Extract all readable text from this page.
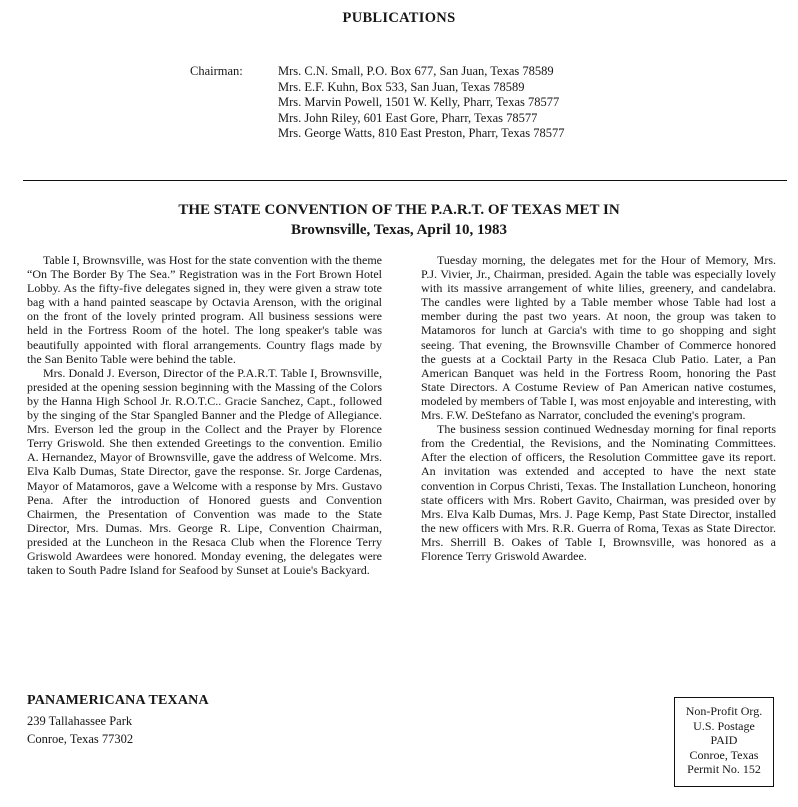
PUBLICATIONS
Chairman:	Mrs. C.N. Small, P.O. Box 677, San Juan, Texas 78589
Mrs. E.F. Kuhn, Box 533, San Juan, Texas 78589
Mrs. Marvin Powell, 1501 W. Kelly, Pharr, Texas 78577
Mrs. John Riley, 601 East Gore, Pharr, Texas 78577
Mrs. George Watts, 810 East Preston, Pharr, Texas 78577
THE STATE CONVENTION OF THE P.A.R.T. OF TEXAS MET IN
Brownsville, Texas, April 10, 1983

Table I, Brownsville, was Host for the state convention with the theme “On The Border By The Sea.” Registration was in the Fort Brown Hotel Lobby. As the fifty-five delegates signed in, they were given a straw tote bag with a hand painted seascape by Octavia Arenson, with the original on the front of the lovely printed program. All business sessions were held in the Fortress Room of the hotel. The long speaker's table was beautifully appointed with floral arrangements. Country flags made by the San Benito Table were behind the table.

Mrs. Donald J. Everson, Director of the P.A.R.T. Table I, Brownsville, presided at the opening session beginning with the Massing of the Colors by the Hanna High School Jr. R.O.T.C.. Gracie Sanchez, Capt., followed by the singing of the Star Spangled Banner and the Pledge of Allegiance. Mrs. Everson led the group in the Collect and the Prayer by Florence Terry Griswold. She then extended Greetings to the convention. Emilio A. Hernandez, Mayor of Brownsville, gave the address of Welcome. Mrs. Elva Kalb Dumas, State Director, gave the response. Sr. Jorge Cardenas, Mayor of Matamoros, gave a Welcome with a response by Mrs. Gustavo Pena. After the introduction of Honored guests and Convention Chairmen, the Presentation of Convention was made to the State Director, Mrs. Dumas. Mrs. George R. Lipe, Convention Chairman, presided at the Luncheon in the Resaca Club when the Florence Terry Griswold Awardees were honored. Monday evening, the delegates were taken to South Padre Island for Seafood by Sunset at Louie's Backyard.

Tuesday morning, the delegates met for the Hour of Memory, Mrs. P.J. Vivier, Jr., Chairman, presided. Again the table was especially lovely with its massive arrangement of white lilies, greenery, and candelabra. The candles were lighted by a Table member whose Table had lost a member during the past two years. At noon, the group was taken to Matamoros for lunch at Garcia's with time to go shopping and sight seeing. That evening, the Brownsville Chamber of Commerce honored the guests at a Cocktail Party in the Resaca Club Patio. Later, a Pan American Banquet was held in the Fortress Room, honoring the Past State Directors. A Costume Review of Pan American native costumes, modeled by members of Table I, was most enjoyable and interesting, with Mrs. F.W. DeStefano as Narrator, concluded the evening's program.

The business session continued Wednesday morning for final reports from the Credential, the Revisions, and the Nominating Committees. After the election of officers, the Resolution Committee gave its report. An invitation was extended and accepted to have the next state convention in Corpus Christi, Texas. The Installation Luncheon, honoring state officers with Mrs. Robert Gavito, Chairman, was presided over by Mrs. Elva Kalb Dumas, Mrs. J. Page Kemp, Past State Director, installed the new officers with Mrs. R.R. Guerra of Roma, Texas as State Director. Mrs. Sherrill B. Oakes of Table I, Brownsville, was honored as a Florence Terry Griswold Awardee.

PANAMERICANA TEXANA
239 Tallahassee Park
Conroe, Texas 77302
Non-Profit Org.
U.S. Postage
PAID
Conroe, Texas
Permit No. 152
